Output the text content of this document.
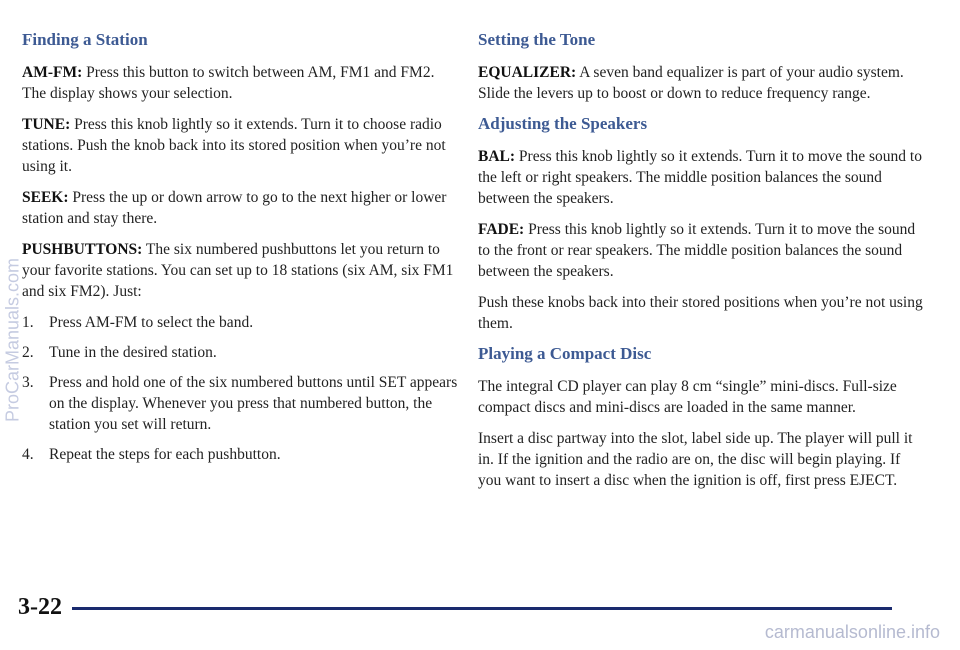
Finding a Station

AM-FM: Press this button to switch between AM, FM1 and FM2. The display shows your selection.

TUNE: Press this knob lightly so it extends. Turn it to choose radio stations. Push the knob back into its stored position when you’re not using it.

SEEK: Press the up or down arrow to go to the next higher or lower station and stay there.

PUSHBUTTONS: The six numbered pushbuttons let you return to your favorite stations. You can set up to 18 stations (six AM, six FM1 and six FM2). Just:

1. Press AM-FM to select the band.
2. Tune in the desired station.
3. Press and hold one of the six numbered buttons until SET appears on the display. Whenever you press that numbered button, the station you set will return.
4. Repeat the steps for each pushbutton.
Setting the Tone

EQUALIZER: A seven band equalizer is part of your audio system. Slide the levers up to boost or down to reduce frequency range.

Adjusting the Speakers

BAL: Press this knob lightly so it extends. Turn it to move the sound to the left or right speakers. The middle position balances the sound between the speakers.

FADE: Press this knob lightly so it extends. Turn it to move the sound to the front or rear speakers. The middle position balances the sound between the speakers.

Push these knobs back into their stored positions when you’re not using them.

Playing a Compact Disc

The integral CD player can play 8 cm “single” mini-discs. Full-size compact discs and mini-discs are loaded in the same manner.

Insert a disc partway into the slot, label side up. The player will pull it in. If the ignition and the radio are on, the disc will begin playing. If you want to insert a disc when the ignition is off, first press EJECT.

3-22
ProCarManuals.com
carmanualsonline.info
